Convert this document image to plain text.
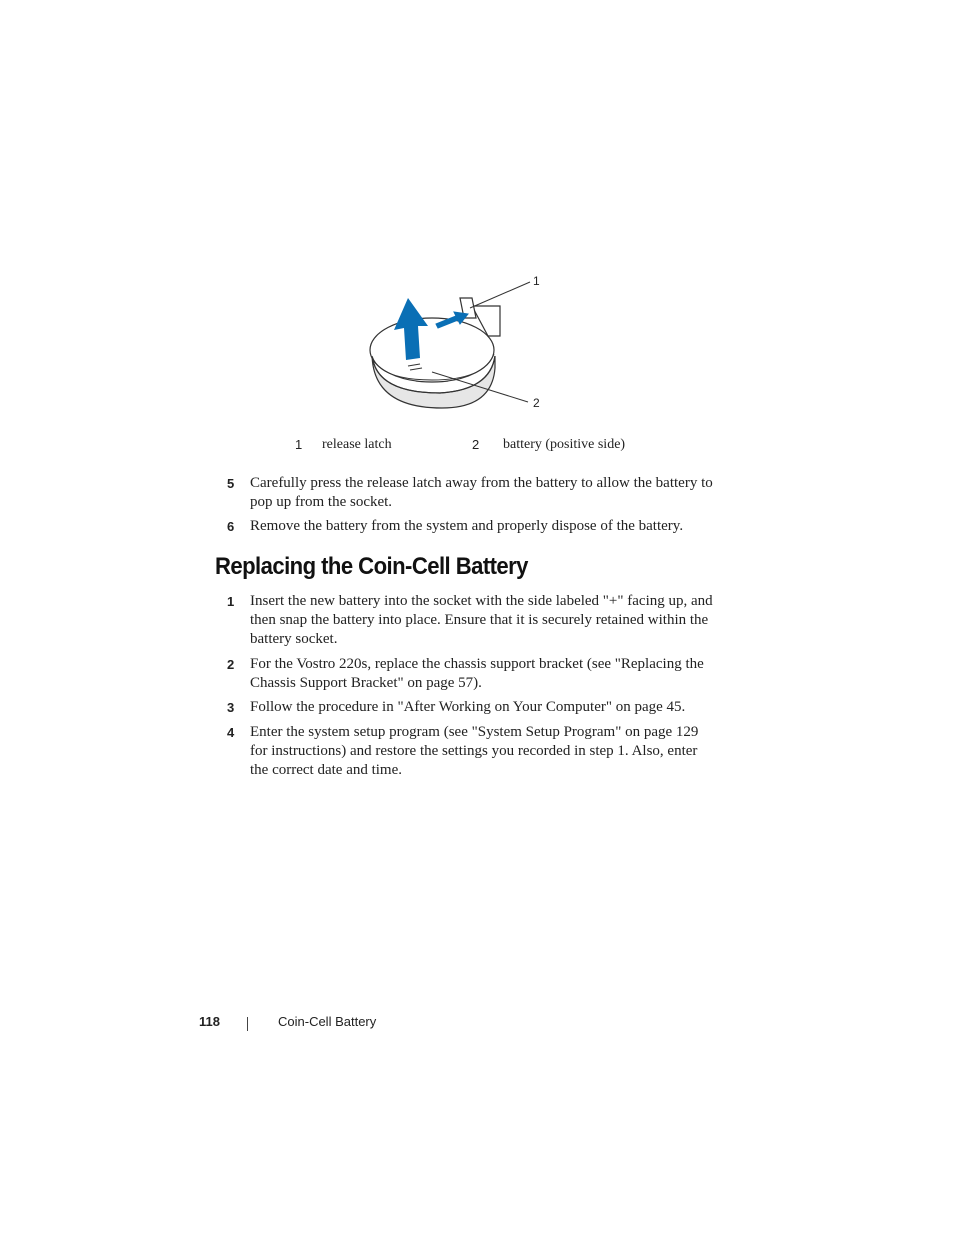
1
2
1 release latch	2 battery (positive side)
5 Carefully press the release latch away from the battery to allow the battery to pop up from the socket.
6 Remove the battery from the system and properly dispose of the battery.
Replacing the Coin-Cell Battery
1 Insert the new battery into the socket with the side labeled "+" facing up, and then snap the battery into place. Ensure that it is securely retained within the battery socket.
2 For the Vostro 220s, replace the chassis support bracket (see "Replacing the Chassis Support Bracket" on page 57).
3 Follow the procedure in "After Working on Your Computer" on page 45.
4 Enter the system setup program (see "System Setup Program" on page 129 for instructions) and restore the settings you recorded in step 1. Also, enter the correct date and time.
118	Coin-Cell Battery
